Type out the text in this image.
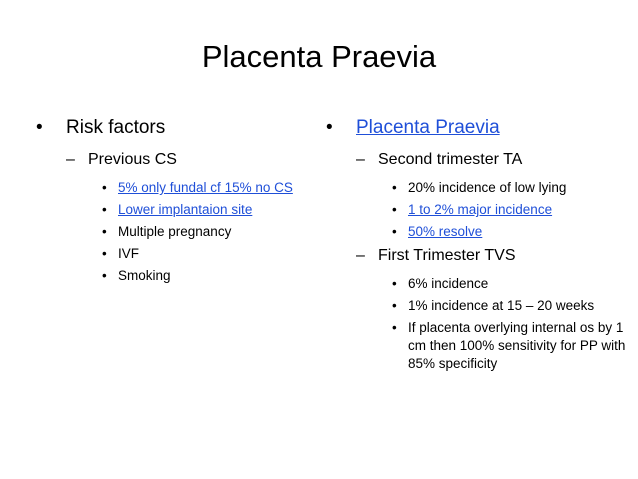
Placenta Praevia
• Risk factors
– Previous CS
• 5% only fundal cf 15% no CS
• Lower implantaion site
• Multiple pregnancy
• IVF
• Smoking
• Placenta Praevia
– Second trimester TA
• 20% incidence of low lying
• 1 to 2% major incidence
• 50% resolve
– First Trimester TVS
• 6% incidence
• 1% incidence at 15 – 20 weeks
• If placenta overlying internal os by 1 cm then 100% sensitivity for PP with 85% specificity
